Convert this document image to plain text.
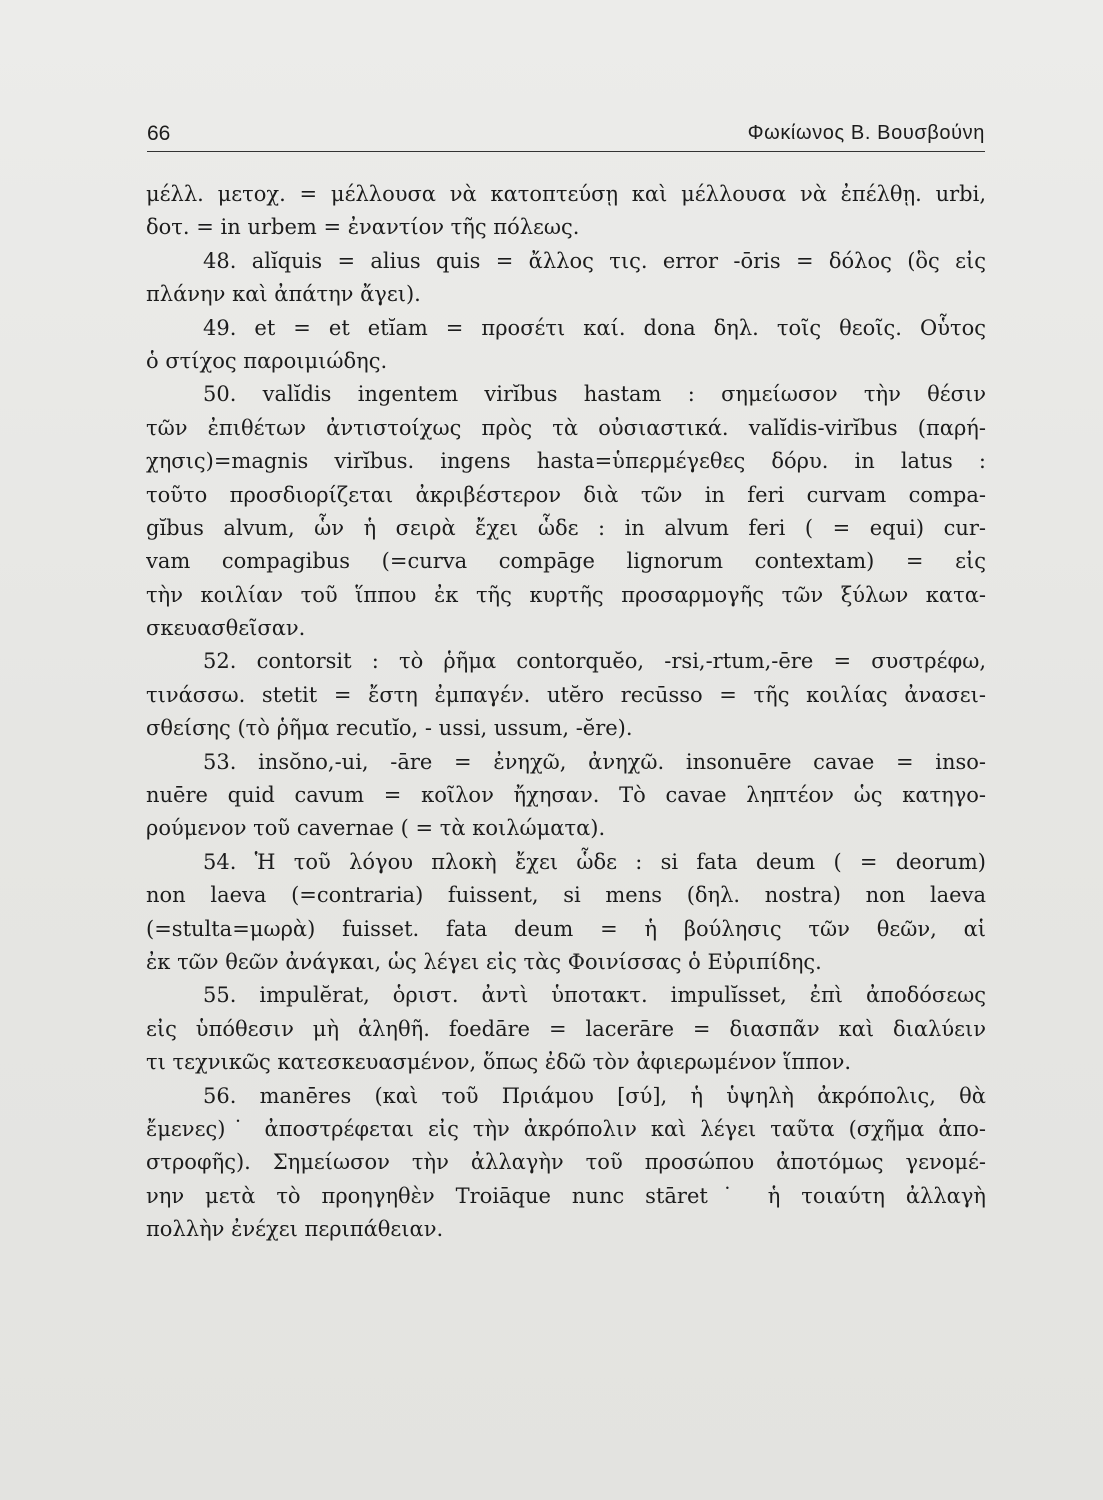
66	Φωκίωνος Β. Βουσβούνη
μέλλ. μετοχ. = μέλλουσα νὰ κατοπτεύσῃ καὶ μέλλουσα νὰ ἐπέλθῃ. urbi,
δοτ. = in urbem = ἐναντίον τῆς πόλεως.
48. alĭquis = alius quis = ἄλλος τις. error -ōris = δόλος (ὃς εἰς
πλάνην καὶ ἀπάτην ἄγει).
49. et = et etĭam = προσέτι καί. dona δηλ. τοῖς θεοῖς. Οὗτος
ὁ στίχος παροιμιώδης.
50. valĭdis ingentem virĭbus hastam : σημείωσον τὴν θέσιν
τῶν ἐπιθέτων ἀντιστοίχως πρὸς τὰ οὐσιαστικά. valĭdis-virĭbus (παρή-
χησις)=magnis virĭbus. ingens hasta=ὑπερμέγεθες δόρυ. in latus :
τοῦτο προσδιορίζεται ἀκριβέστερον διὰ τῶν in feri curvam compa-
gĭbus alvum, ὧν ἡ σειρὰ ἔχει ὧδε : in alvum feri ( = equi) cur-
vam compagibus (=curva compāge lignorum contextam) = εἰς
τὴν κοιλίαν τοῦ ἵππου ἐκ τῆς κυρτῆς προσαρμογῆς τῶν ξύλων κατα-
σκευασθεῖσαν.
52. contorsit : τὸ ῥῆμα contorquĕo, -rsi,-rtum,-ēre = συστρέφω,
τινάσσω. stetit = ἔστη ἐμπαγέν. utĕro recūsso = τῆς κοιλίας ἀνασει-
σθείσης (τὸ ῥῆμα recutĭo, - ussi, ussum, -ĕre).
53. insŏno,-ui, -āre = ἐνηχῶ, ἀνηχῶ. insonuēre cavae = inso-
nuēre quid cavum = κοῖλον ἤχησαν. Τὸ cavae ληπτέον ὡς κατηγο-
ρούμενον τοῦ cavernae ( = τὰ κοιλώματα).
54. Ἡ τοῦ λόγου πλοκὴ ἔχει ὧδε : si fata deum ( = deorum)
non laeva (=contraria) fuissent, si mens (δηλ. nostra) non laeva
(=stulta=μωρὰ) fuisset. fata deum = ἡ βούλησις τῶν θεῶν, αἱ
ἐκ τῶν θεῶν ἀνάγκαι, ὡς λέγει εἰς τὰς Φοινίσσας ὁ Εὐριπίδης.
55. impulĕrat, ὁριστ. ἀντὶ ὑποτακτ. impulĭsset, ἐπὶ ἀποδόσεως
εἰς ὑπόθεσιν μὴ ἀληθῆ. foedāre = lacerāre = διασπᾶν καὶ διαλύειν
τι τεχνικῶς κατεσκευασμένον, ὅπως ἐδῶ τὸν ἀφιερωμένον ἵππον.
56. manēres (καὶ τοῦ Πριάμου [σύ], ἡ ὑψηλὴ ἀκρόπολις, θὰ
ἔμενες)˙ ἀποστρέφεται εἰς τὴν ἀκρόπολιν καὶ λέγει ταῦτα (σχῆμα ἀπο-
στροφῆς). Σημείωσον τὴν ἀλλαγὴν τοῦ προσώπου ἀποτόμως γενομέ-
νην μετὰ τὸ προηγηθὲν Troiāque nunc stāret˙ ἡ τοιαύτη ἀλλαγὴ
πολλὴν ἐνέχει περιπάθειαν.
